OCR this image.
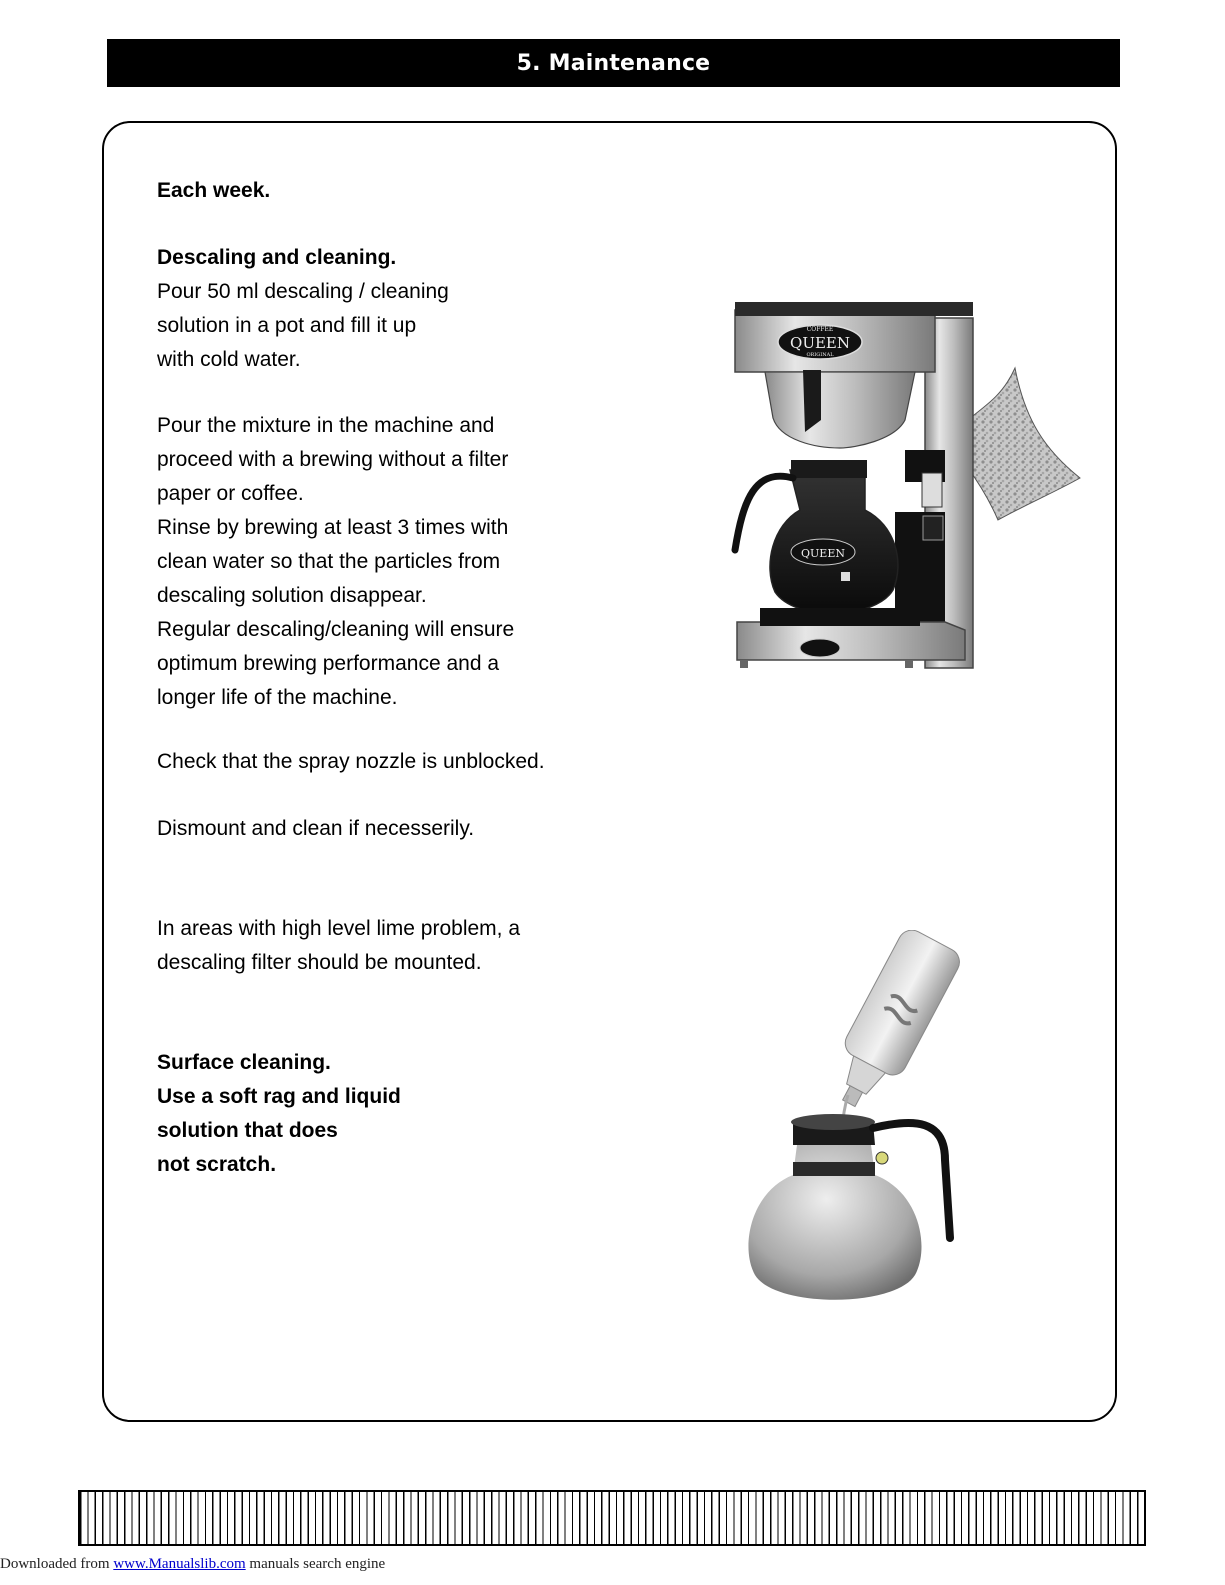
5. Maintenance
Each week.

Descaling and cleaning.

Pour 50 ml descaling / cleaning

solution in a pot and fill it up

with cold water.

Pour the mixture in the machine and

proceed with a brewing without a filter

paper or coffee.

Rinse by brewing at least 3 times with

clean water so that the particles from

descaling solution disappear.

Regular descaling/cleaning will ensure

optimum brewing performance and a

longer life of the machine.

Check that the spray nozzle is unblocked.
Dismount and clean if necesserily.

In areas with high level lime problem, a

descaling filter should be mounted.

Surface cleaning.

Use a soft rag and liquid

solution that does

not scratch.

COFFEE
QUEEN
ORIGINAL
QUEEN
Downloaded from www.Manualslib.com manuals search engine
